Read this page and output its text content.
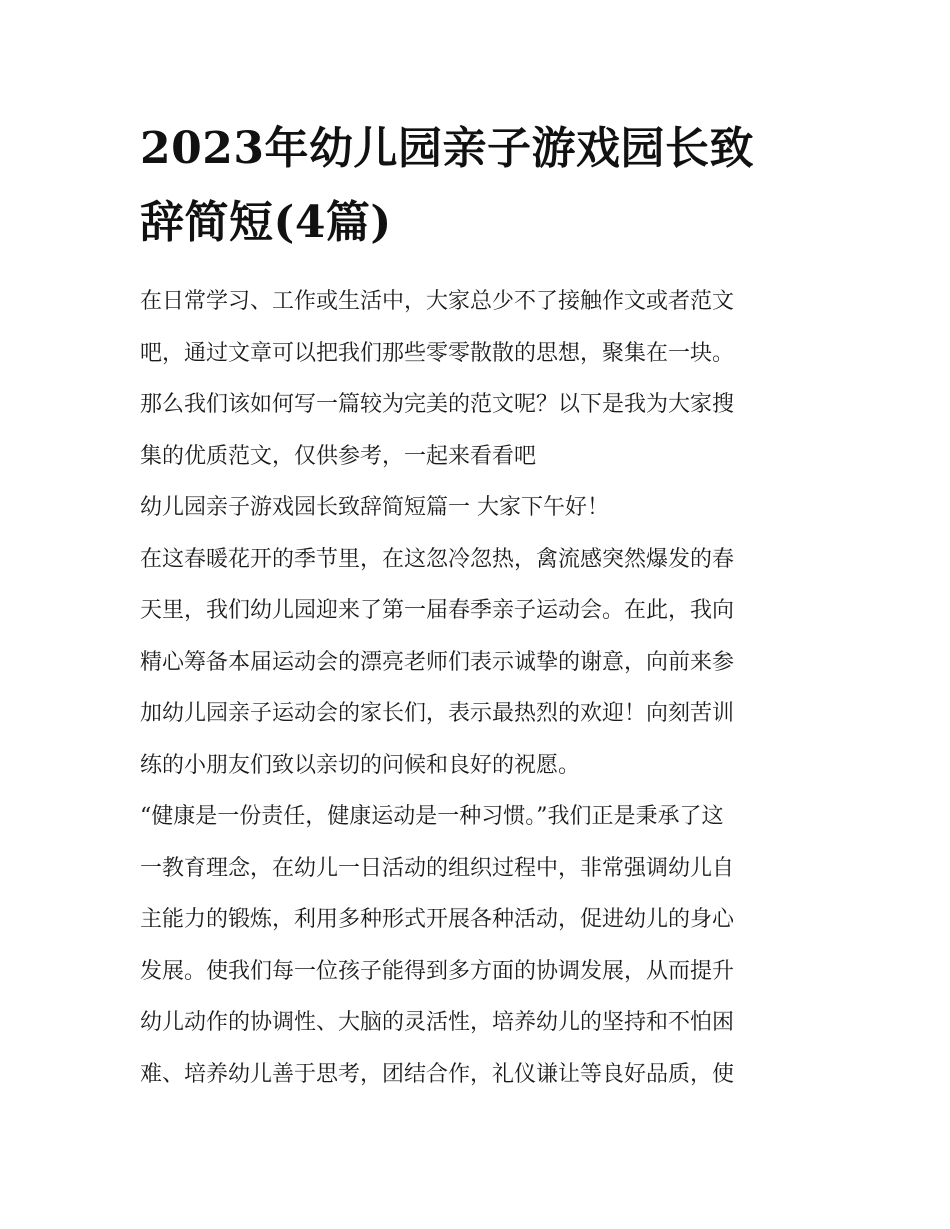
2023年幼儿园亲子游戏园长致
辞简短(4篇)
在日常学习、工作或生活中，大家总少不了接触作文或者范文
吧，通过文章可以把我们那些零零散散的思想，聚集在一块。
那么我们该如何写一篇较为完美的范文呢？以下是我为大家搜
集的优质范文，仅供参考，一起来看看吧
幼儿园亲子游戏园长致辞简短篇一 大家下午好！
在这春暖花开的季节里，在这忽冷忽热，禽流感突然爆发的春
天里，我们幼儿园迎来了第一届春季亲子运动会。在此，我向
精心筹备本届运动会的漂亮老师们表示诚挚的谢意，向前来参
加幼儿园亲子运动会的家长们，表示最热烈的欢迎！向刻苦训
练的小朋友们致以亲切的问候和良好的祝愿。
“健康是一份责任，健康运动是一种习惯。”我们正是秉承了这
一教育理念，在幼儿一日活动的组织过程中，非常强调幼儿自
主能力的锻炼，利用多种形式开展各种活动，促进幼儿的身心
发展。使我们每一位孩子能得到多方面的协调发展，从而提升
幼儿动作的协调性、大脑的灵活性，培养幼儿的坚持和不怕困
难、培养幼儿善于思考，团结合作，礼仪谦让等良好品质，使
